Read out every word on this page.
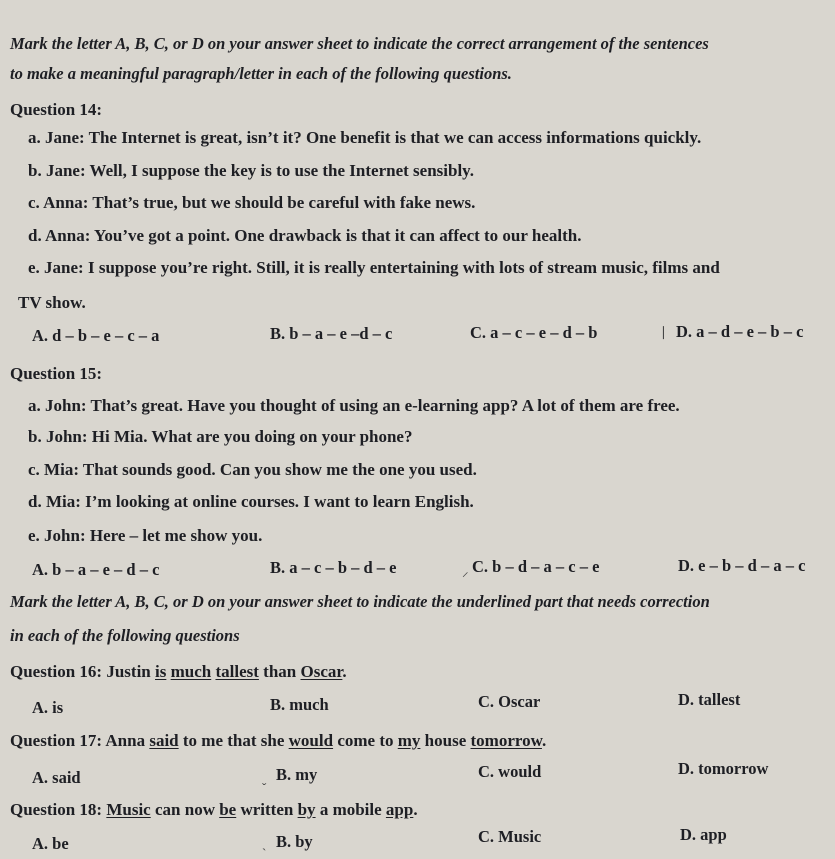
Mark the letter A, B, C, or D on your answer sheet to indicate the correct arrangement of the sentences
to make a meaningful paragraph/letter in each of the following questions.
Question 14:
a. Jane: The Internet is great, isn’t it? One benefit is that we can access informations quickly.
b. Jane: Well, I suppose the key is to use the Internet sensibly.
c. Anna: That’s true, but we should be careful with fake news.
d. Anna: You’ve got a point. One drawback is that it can affect to our health.
e. Jane: I suppose you’re right. Still, it is really entertaining with lots of stream music, films and
TV show.
A. d – b – e – c – a	B. b – a – e –d – c	C. a – c – e – d – b	❘ D. a – d – e – b – c
Question 15:
a. John: That’s great. Have you thought of using an e-learning app? A lot of them are free.
b. John: Hi Mia. What are you doing on your phone?
c. Mia: That sounds good. Can you show me the one you used.
d. Mia: I’m looking at online courses. I want to learn English.
e. John: Here – let me show you.
A. b – a – e – d – c	B. a – c – b – d – e	⸝ C. b – d – a – c – e	D. e – b – d – a – c
Mark the letter A, B, C, or D on your answer sheet to indicate the underlined part that needs correction
in each of the following questions
Question 16: Justin is much tallest than Oscar.
A. is	B. much	C. Oscar	D. tallest
Question 17: Anna said to me that she would come to my house tomorrow.
A. said	ˬ B. my	C. would	D. tomorrow
Question 18: Music can now be written by a mobile app.
A. be	ˎ B. by	C. Music	D. app
